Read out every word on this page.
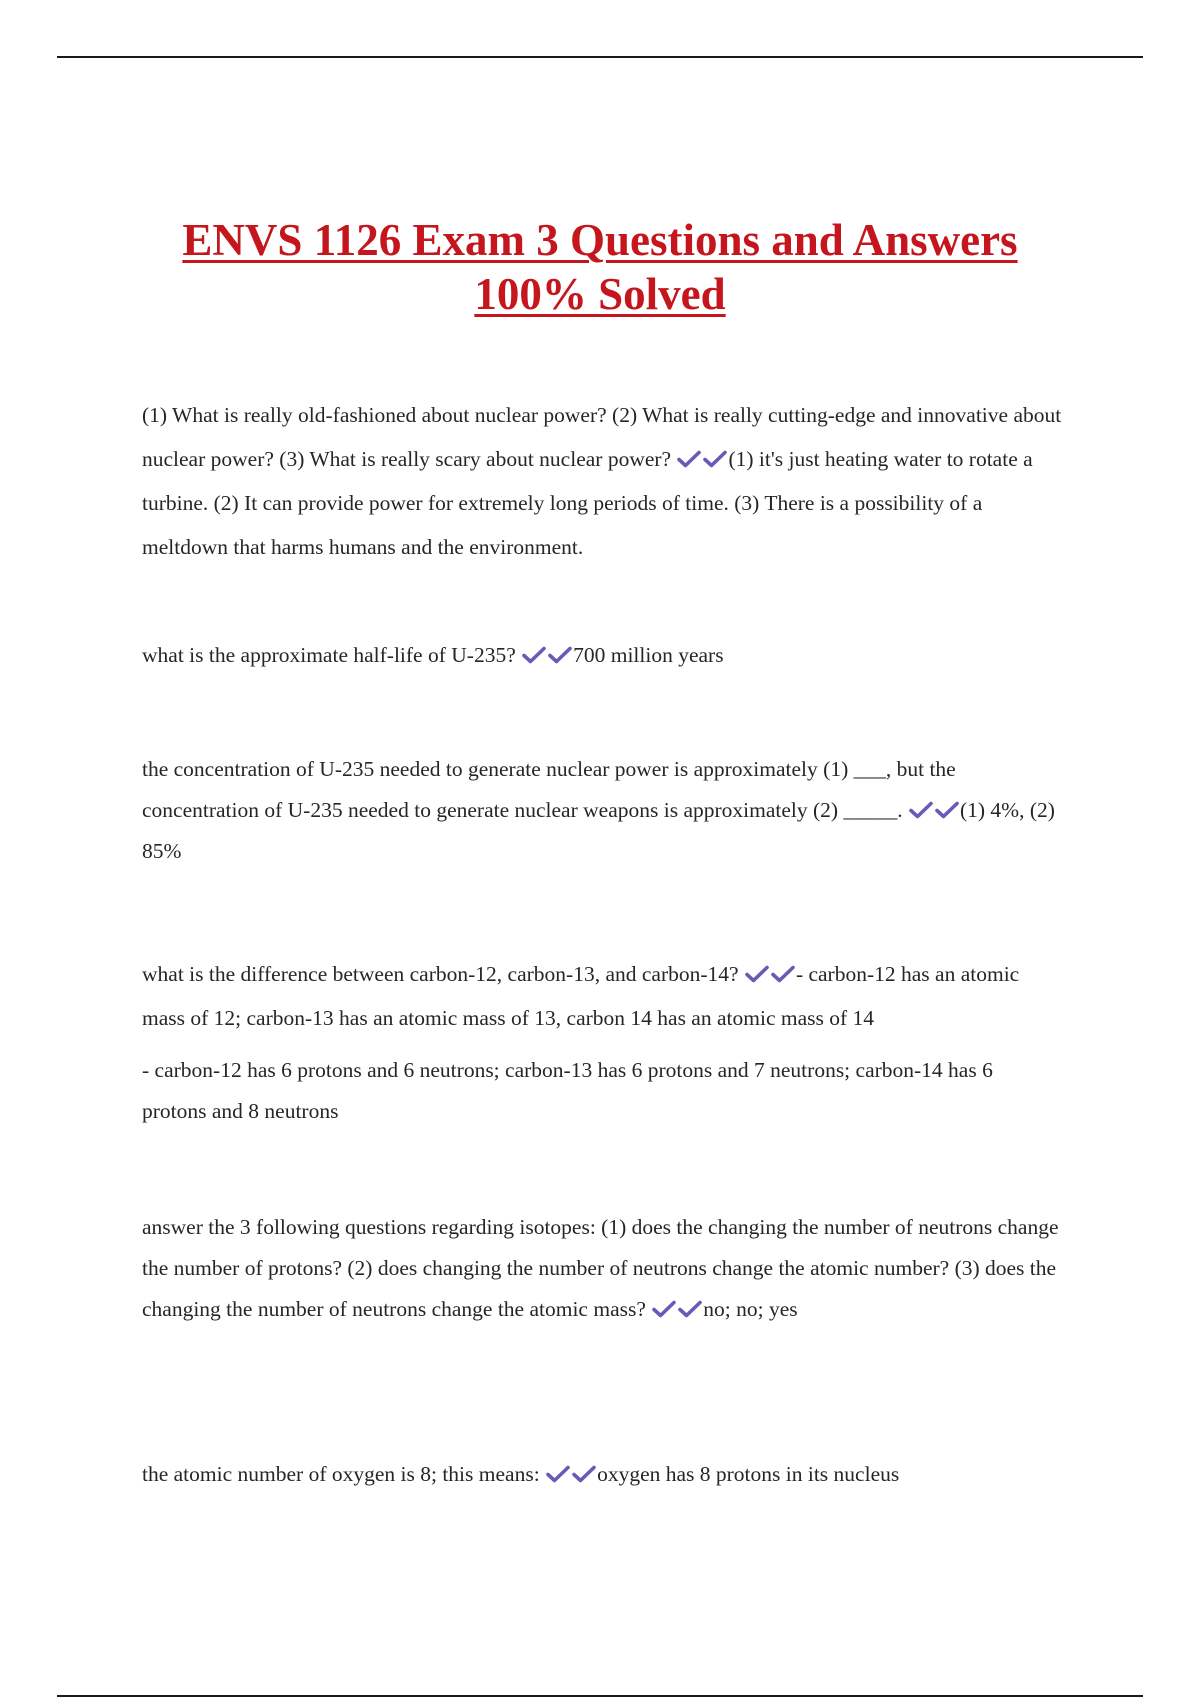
ENVS 1126 Exam 3 Questions and Answers
100% Solved

(1) What is really old-fashioned about nuclear power? (2) What is really cutting-edge and innovative about nuclear power? (3) What is really scary about nuclear power?	(1) it's just heating water to rotate a turbine. (2) It can provide power for extremely long periods of time. (3) There is a possibility of a meltdown that harms humans and the environment.

what is the approximate half-life of U-235?	700 million years

the concentration of U-235 needed to generate nuclear power is approximately (1) ___, but the concentration of U-235 needed to generate nuclear weapons is approximately (2) _____.	(1) 4%, (2) 85%

what is the difference between carbon-12, carbon-13, and carbon-14?	- carbon-12 has an atomic mass of 12; carbon-13 has an atomic mass of 13, carbon 14 has an atomic mass of 14

- carbon-12 has 6 protons and 6 neutrons; carbon-13 has 6 protons and 7 neutrons; carbon-14 has 6 protons and 8 neutrons

answer the 3 following questions regarding isotopes: (1) does the changing the number of neutrons change the number of protons? (2) does changing the number of neutrons change the atomic number? (3) does the changing the number of neutrons change the atomic mass?	no; no; yes

the atomic number of oxygen is 8; this means:	oxygen has 8 protons in its nucleus
